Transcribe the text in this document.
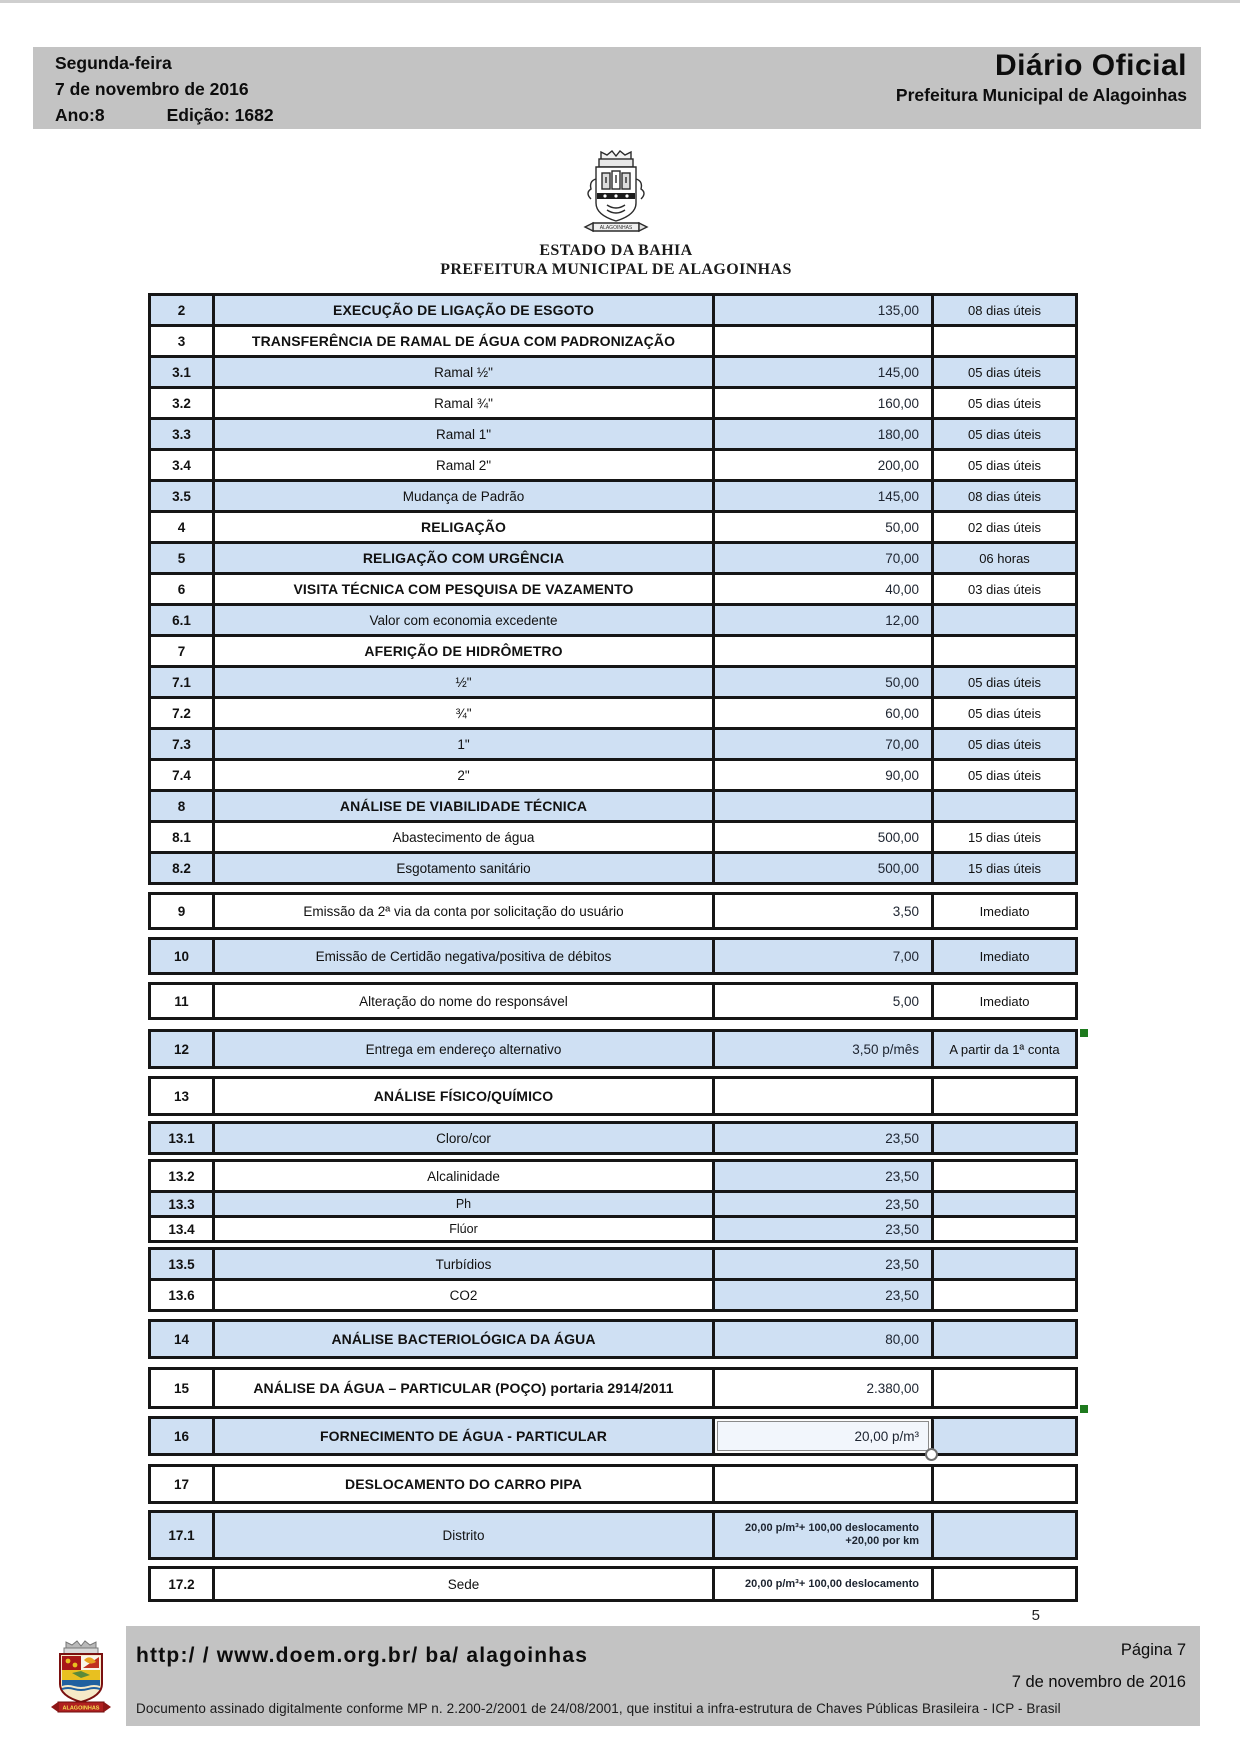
Segunda-feira
7 de novembro de 2016
Ano:8	Edição: 1682
Diário Oficial
Prefeitura Municipal de Alagoinhas
ALAGOINHAS
ESTADO DA BAHIA
PREFEITURA MUNICIPAL DE ALAGOINHAS
2	EXECUÇÃO DE LIGAÇÃO DE ESGOTO	135,00	08 dias úteis
3	TRANSFERÊNCIA DE RAMAL DE ÁGUA COM PADRONIZAÇÃO
3.1	Ramal ½"	145,00	05 dias úteis
3.2	Ramal ¾"	160,00	05 dias úteis
3.3	Ramal 1"	180,00	05 dias úteis
3.4	Ramal 2"	200,00	05 dias úteis
3.5	Mudança de Padrão	145,00	08 dias úteis
4	RELIGAÇÃO	50,00	02 dias úteis
5	RELIGAÇÃO COM URGÊNCIA	70,00	06 horas
6	VISITA TÉCNICA COM PESQUISA DE VAZAMENTO	40,00	03 dias úteis
6.1	Valor com economia excedente	12,00
7	AFERIÇÃO DE HIDRÔMETRO
7.1	½"	50,00	05 dias úteis
7.2	¾"	60,00	05 dias úteis
7.3	1"	70,00	05 dias úteis
7.4	2"	90,00	05 dias úteis
8	ANÁLISE DE VIABILIDADE TÉCNICA
8.1	Abastecimento de água	500,00	15 dias úteis
8.2	Esgotamento sanitário	500,00	15 dias úteis
9	Emissão da 2ª via da conta por solicitação do usuário	3,50	Imediato
10	Emissão de Certidão negativa/positiva de débitos	7,00	Imediato
11	Alteração do nome do responsável	5,00	Imediato
12	Entrega em endereço alternativo	3,50 p/mês	A partir da 1ª conta
13	ANÁLISE FÍSICO/QUÍMICO
13.1	Cloro/cor	23,50
13.2	Alcalinidade	23,50
13.3	Ph	23,50
13.4	Flúor	23,50
13.5	Turbídios	23,50
13.6	CO2	23,50
14	ANÁLISE BACTERIOLÓGICA DA ÁGUA	80,00
15	ANÁLISE DA ÁGUA – PARTICULAR (POÇO) portaria 2914/2011	2.380,00
16	FORNECIMENTO DE ÁGUA - PARTICULAR	20,00 p/m³
17	DESLOCAMENTO DO CARRO PIPA
17.1	Distrito	20,00 p/m³+ 100,00 deslocamento
+20,00 por km
17.2	Sede	20,00 p/m³+ 100,00 deslocamento
5
http:/ / www.doem.org.br/ ba/ alagoinhas
Documento assinado digitalmente conforme MP n. 2.200-2/2001 de 24/08/2001, que institui a infra-estrutura de Chaves Públicas Brasileira - ICP - Brasil
Página 7
7 de novembro de 2016
ALAGOINHAS
